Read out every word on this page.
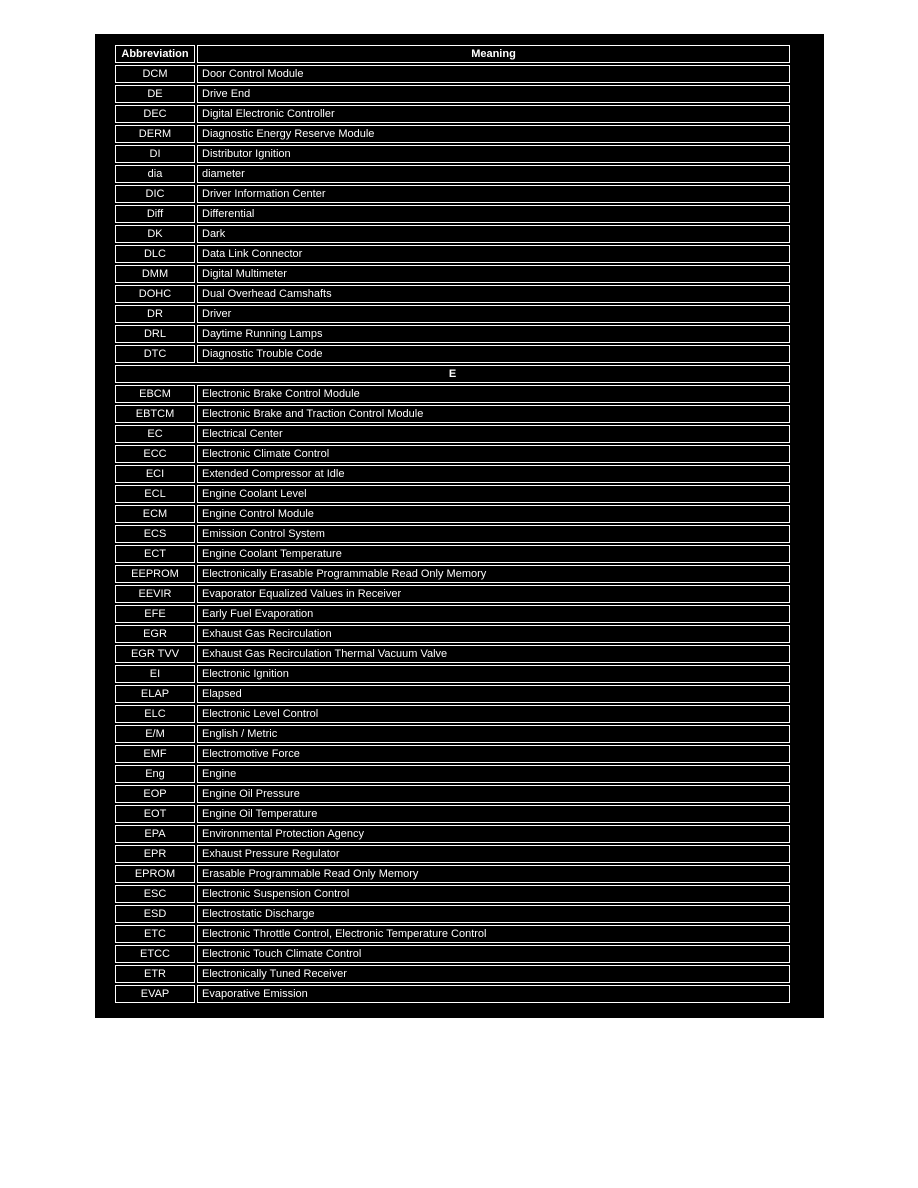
Abbreviation	Meaning
DCM	Door Control Module
DE	Drive End
DEC	Digital Electronic Controller
DERM	Diagnostic Energy Reserve Module
DI	Distributor Ignition
dia	diameter
DIC	Driver Information Center
Diff	Differential
DK	Dark
DLC	Data Link Connector
DMM	Digital Multimeter
DOHC	Dual Overhead Camshafts
DR	Driver
DRL	Daytime Running Lamps
DTC	Diagnostic Trouble Code
E	
EBCM	Electronic Brake Control Module
EBTCM	Electronic Brake and Traction Control Module
EC	Electrical Center
ECC	Electronic Climate Control
ECI	Extended Compressor at Idle
ECL	Engine Coolant Level
ECM	Engine Control Module
ECS	Emission Control System
ECT	Engine Coolant Temperature
EEPROM	Electronically Erasable Programmable Read Only Memory
EEVIR	Evaporator Equalized Values in Receiver
EFE	Early Fuel Evaporation
EGR	Exhaust Gas Recirculation
EGR TVV	Exhaust Gas Recirculation Thermal Vacuum Valve
EI	Electronic Ignition
ELAP	Elapsed
ELC	Electronic Level Control
E/M	English / Metric
EMF	Electromotive Force
Eng	Engine
EOP	Engine Oil Pressure
EOT	Engine Oil Temperature
EPA	Environmental Protection Agency
EPR	Exhaust Pressure Regulator
EPROM	Erasable Programmable Read Only Memory
ESC	Electronic Suspension Control
ESD	Electrostatic Discharge
ETC	Electronic Throttle Control, Electronic Temperature Control
ETCC	Electronic Touch Climate Control
ETR	Electronically Tuned Receiver
EVAP	Evaporative Emission
